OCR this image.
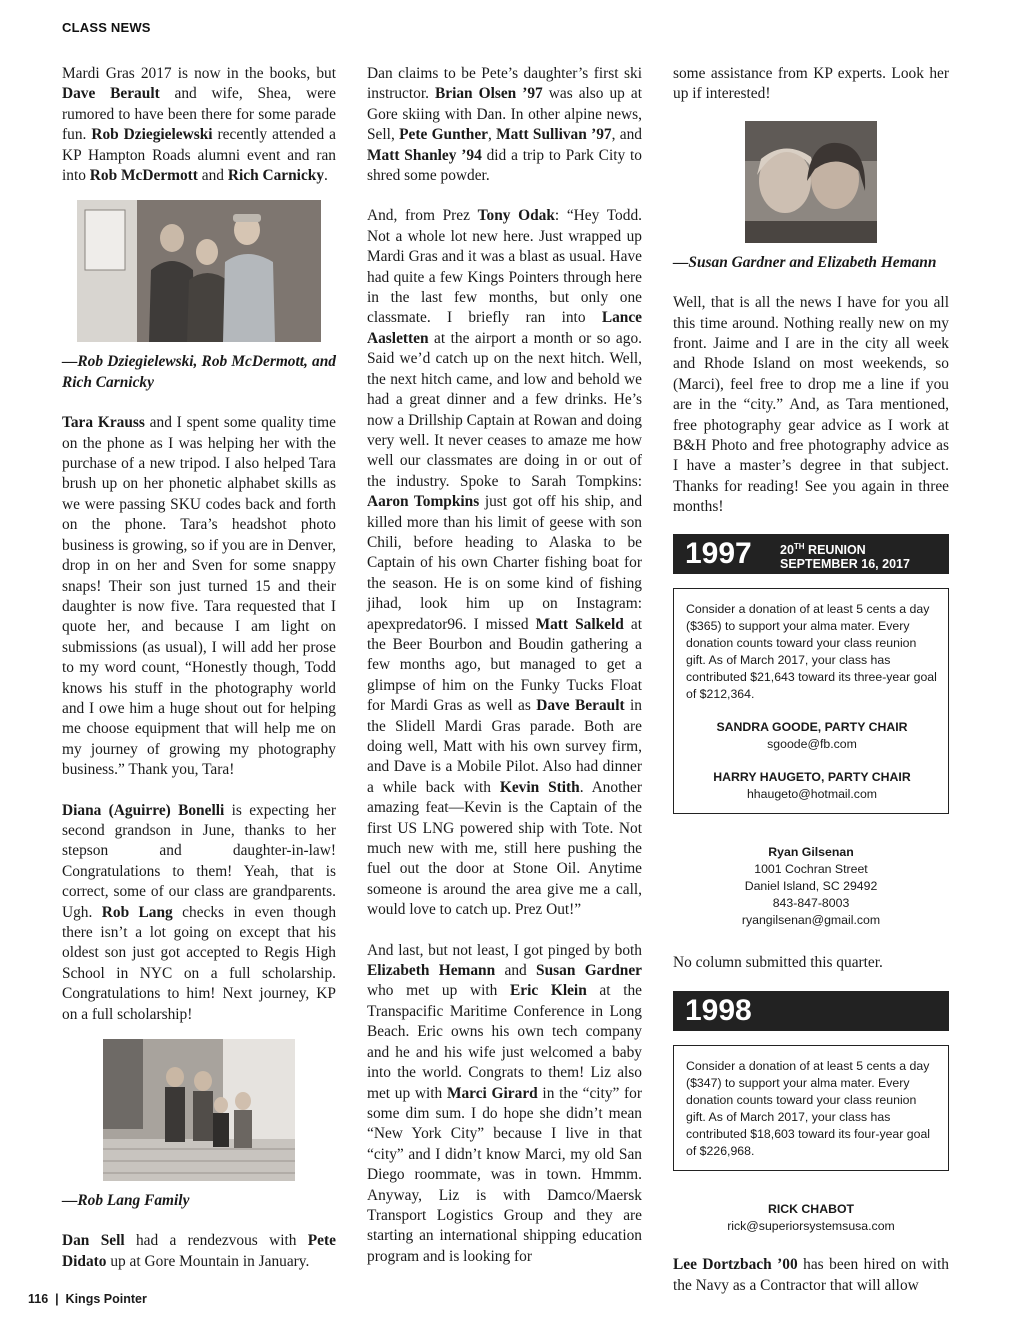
CLASS NEWS

Mardi Gras 2017 is now in the books, but Dave Berault and wife, Shea, were rumored to have been there for some parade fun. Rob Dziegielewski recently attended a KP Hampton Roads alumni event and ran into Rob McDermott and Rich Carnicky.

—Rob Dziegielewski, Rob McDermott, and Rich Carnicky

Tara Krauss and I spent some quality time on the phone as I was helping her with the purchase of a new tripod. I also helped Tara brush up on her phonetic alphabet skills as we were passing SKU codes back and forth on the phone. Tara’s headshot photo business is growing, so if you are in Denver, drop in on her and Sven for some snappy snaps! Their son just turned 15 and their daughter is now five. Tara requested that I quote her, and because I am light on submissions (as usual), I will add her prose to my word count, “Honestly though, Todd knows his stuff in the photography world and I owe him a huge shout out for helping me choose equipment that will help me on my journey of growing my photography business.” Thank you, Tara!

Diana (Aguirre) Bonelli is expecting her second grandson in June, thanks to her stepson and daughter-in-law! Congratulations to them! Yeah, that is correct, some of our class are grandparents. Ugh. Rob Lang checks in even though there isn’t a lot going on except that his oldest son just got accepted to Regis High School in NYC on a full scholarship. Congratulations to him! Next journey, KP on a full scholarship!

—Rob Lang Family

Dan Sell had a rendezvous with Pete Didato up at Gore Mountain in January.

Dan claims to be Pete’s daughter’s first ski instructor. Brian Olsen ’97 was also up at Gore skiing with Dan. In other alpine news, Sell, Pete Gunther, Matt Sullivan ’97, and Matt Shanley ’94 did a trip to Park City to shred some powder.

And, from Prez Tony Odak: “Hey Todd. Not a whole lot new here. Just wrapped up Mardi Gras and it was a blast as usual. Have had quite a few Kings Pointers through here in the last few months, but only one classmate. I briefly ran into Lance Aasletten at the airport a month or so ago. Said we’d catch up on the next hitch. Well, the next hitch came, and low and behold we had a great dinner and a few drinks. He’s now a Drillship Captain at Rowan and doing very well. It never ceases to amaze me how well our classmates are doing in or out of the industry. Spoke to Sarah Tompkins: Aaron Tompkins just got off his ship, and killed more than his limit of geese with son Chili, before heading to Alaska to be Captain of his own Charter fishing boat for the season. He is on some kind of fishing jihad, look him up on Instagram: apexpredator96. I missed Matt Salkeld at the Beer Bourbon and Boudin gathering a few months ago, but managed to get a glimpse of him on the Funky Tucks Float for Mardi Gras as well as Dave Berault in the Slidell Mardi Gras parade. Both are doing well, Matt with his own survey firm, and Dave is a Mobile Pilot. Also had dinner a while back with Kevin Stith. Another amazing feat—Kevin is the Captain of the first US LNG powered ship with Tote. Not much new with me, still here pushing the fuel out the door at Stone Oil. Anytime someone is around the area give me a call, would love to catch up. Prez Out!”

And last, but not least, I got pinged by both Elizabeth Hemann and Susan Gardner who met up with Eric Klein at the Transpacific Maritime Conference in Long Beach. Eric owns his own tech company and he and his wife just welcomed a baby into the world. Congrats to them! Liz also met up with Marci Girard in the “city” for some dim sum. I do hope she didn’t mean “New York City” because I live in that “city” and I didn’t know Marci, my old San Diego roommate, was in town. Hmmm. Anyway, Liz is with Damco/Maersk Transport Logistics Group and they are starting an international shipping education program and is looking for

some assistance from KP experts. Look her up if interested!

—Susan Gardner and Elizabeth Hemann

Well, that is all the news I have for you all this time around. Nothing really new on my front. Jaime and I are in the city all week and Rhode Island on most weekends, so (Marci), feel free to drop me a line if you are in the “city.” And, as Tara mentioned, free photography gear advice as I work at B&H Photo and free photography advice as I have a master’s degree in that subject. Thanks for reading! See you again in three months!

1997 20TH REUNION
SEPTEMBER 16, 2017
Consider a donation of at least 5 cents a day ($365) to support your alma mater. Every donation counts toward your class reunion gift. As of March 2017, your class has contributed $21,643 toward its three-year goal of $212,364.
SANDRA GOODE, PARTY CHAIR
sgoode@fb.com
HARRY HAUGETO, PARTY CHAIR
hhaugeto@hotmail.com
Ryan Gilsenan
1001 Cochran Street
Daniel Island, SC 29492
843-847-8003
ryangilsenan@gmail.com

No column submitted this quarter.

1998
Consider a donation of at least 5 cents a day ($347) to support your alma mater. Every donation counts toward your class reunion gift. As of March 2017, your class has contributed $18,603 toward its four-year goal of $226,968.
RICK CHABOT
rick@superiorsystemsusa.com

Lee Dortzbach ’00 has been hired on with the Navy as a Contractor that will allow

116  |  Kings Pointer
